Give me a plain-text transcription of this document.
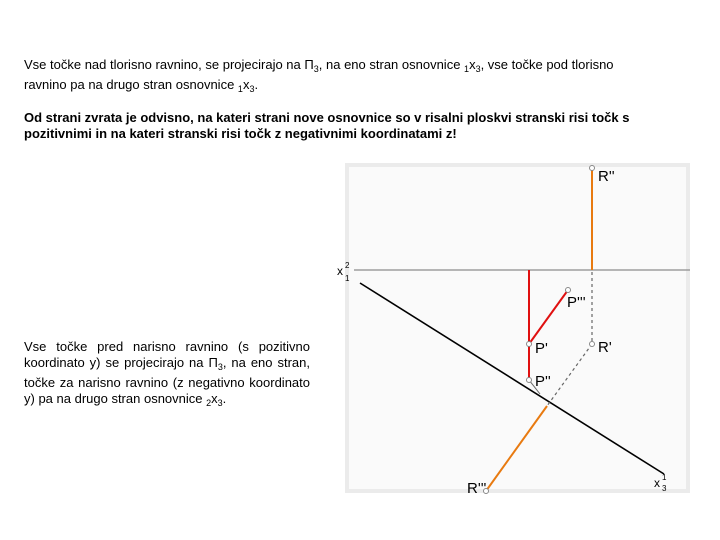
Vse točke nad tlorisno ravnino, se projecirajo na $\Pi_3$, na eno stran osnovnice $_1x_3$, vse točke pod tlorisno ravnino pa na drugo stran osnovnice $_1x_3$.

Od strani zvrata je odvisno, na kateri strani nove osnovnice so v risalni ploskvi stranski risi točk s pozitivnimi in na kateri stranski risi točk z negativnimi koordinatami z!

Vse točke pred narisno ravnino (s pozitivno koordinato y) se projecirajo na $\Pi_3$, na eno stran, točke za narisno ravnino (z negativno koordinato y) pa na drugo stran osnovnice $_2x_3$.

R''
P'''
P'	R'
P''
R'''
x 2
1
x 1
3
